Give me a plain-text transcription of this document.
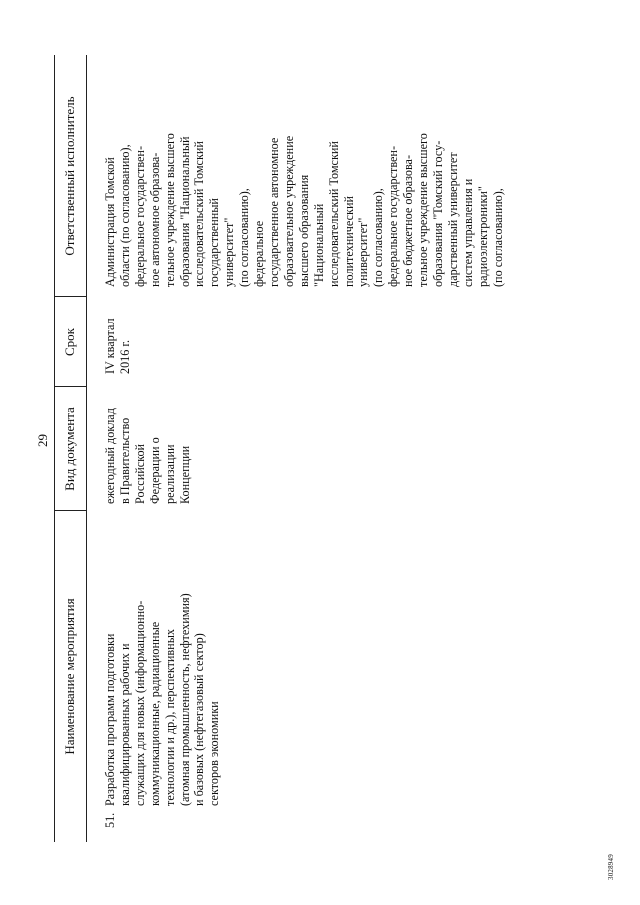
29
Наименование мероприятия
Вид документа
Срок
Ответственный исполнитель
51.
Разработка программ подготовки квалифицированных рабочих и служащих для новых (информационно- коммуникационные, радиационные технологии и др.), перспективных (атомная промышленность, нефтехимия) и базовых (нефтегазовый сектор) секторов экономики
ежегодный доклад в Правительство Российской Федерации о реализации Концепции
IV квартал 2016 г.
Администрация Томской области (по согласованию), федеральное государствен- ное автономное образова- тельное учреждение высшего образования "Национальный исследовательский Томский государственный университет" (по согласованию), федеральное государственное автономное образовательное учреждение высшего образования "Национальный исследовательский Томский политехнический университет" (по согласованию), федеральное государствен- ное бюджетное образова- тельное учреждение высшего образования "Томский госу- дарственный университет систем управления и радиоэлектроники" (по согласованию),
3028949
